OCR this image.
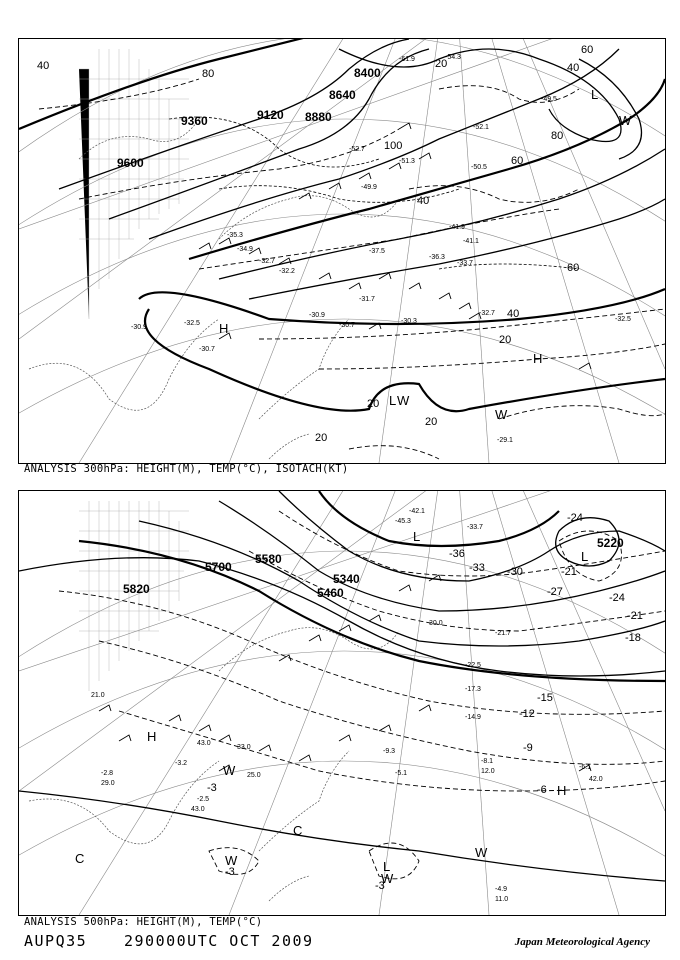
9600
9360	9120 8880
8640
8400
40
80
100
60
40
20
80
60
40
20
60
40
20
20
20
-30.9
-32.5
-30.7
-31.7
-30.9
-30.7
-30.3
-32.7
-32.5
-29.1
-35.3
-34.9
-32.7
-32.2
-37.5
-36.3
-33.7
-41.9
-41.1
-52.1
-50.5
-49.9
-51.3
-52.7
-61.9	-54.3
-49.5
H
H
L
L W
W
W
ANALYSIS 300hPa: HEIGHT(M), TEMP(°C), ISOTACH(KT)
5820
5700
5580
5460
5340
5220
-36
-33 -30
-27	-24
-21
-18
-15
-12
-9
-6
-3
-3
-3
-21
-24
-42.1
-45.3
-33.7
-21.7
-22.5
-17.3
-14.9
-9.3
-8.1
-6.1
-4.9
-2.8
-3.2
-2.5
-5.1
21.0
43.0
25.0
33.0
12.0
42.0
11.0
43.0
29.0
30.0
H
H
L
L
L
W
W
W
W
C
C
ANALYSIS 500hPa: HEIGHT(M), TEMP(°C)
AUPQ35 290000UTC OCT 2009	Japan Meteorological Agency
